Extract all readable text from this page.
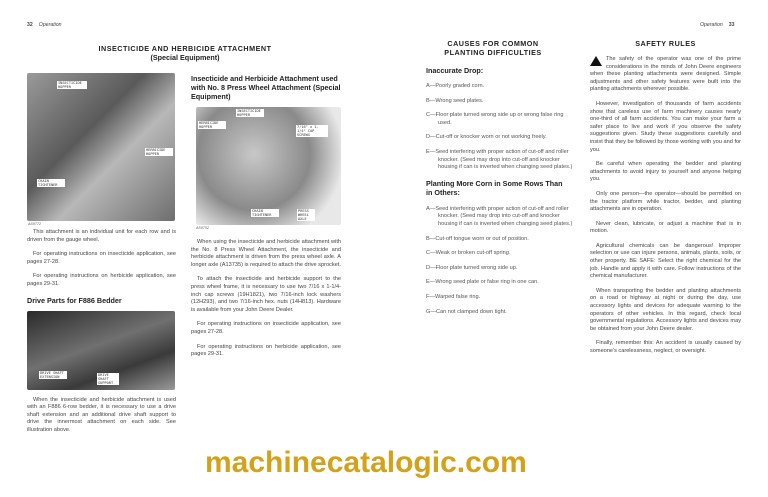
32 Operation
INSECTICIDE AND HERBICIDE ATTACHMENT
(Special Equipment)
INSECTICIDE HOPPER
HERBICIDE HOPPER
CHAIN TIGHTENER
A59772
This attachment is an individual unit for each row and is driven from the gauge wheel.
For operating instructions on insecticide application, see pages 27-28.
For operating instructions on herbicide application, see pages 29-31.
Drive Parts for F886 Bedder
DRIVE SHAFT EXTENSION	DRIVE SHAFT SUPPORT
When the insecticide and herbicide attachment is used with an F886 6-row bedder, it is necessary to use a drive shaft extension and an additional drive shaft support to drive the innermost attachment on each side. See illustration above.
Insecticide and Herbicide Attachment used with No. 8 Press Wheel Attachment (Special Equipment)
INSECTICIDE HOPPER
HERBICIDE HOPPER	7/16" x 1-1/4" CAP SCREWS
CHAIN TIGHTENER
PRESS WHEEL AXLE
A59752
When using the insecticide and herbicide attachment with the No. 8 Press Wheel Attachment, the insecticide and herbicide attachment is driven from the press wheel axle. A longer axle (A13735) is required to attach the drive sprocket.
To attach the insecticide and herbicide support to the press wheel frame, it is necessary to use two 7/16 x 1-1/4-inch cap screws (19H1821), two 7/16-inch lock washers (12H293), and two 7/16-inch hex. nuts (14H813). Hardware is available from your John Deere Dealer.
For operating instructions on insecticide application, see pages 27-28.
For operating instructions on herbicide application, see pages 29-31.
Operation 33
CAUSES FOR COMMON PLANTING DIFFICULTIES
Inaccurate Drop:
A—Poorly graded corn.
B—Wrong seed plates.
C—Floor plate turned wrong side up or wrong false ring used.
D—Cut-off or knocker worn or not working freely.
E—Seed interfering with proper action of cut-off and roller knocker. (Seed may drop into cut-off and knocker housing if can is inverted when changing seed plates.)
Planting More Corn in Some Rows Than in Others:
A—Seed interfering with proper action of cut-off and roller knocker. (Seed may drop into cut-off and knocker housing if can is inverted when changing seed plates.)
B—Cut-off tongue worn or out of position.
C—Weak or broken cut-off spring.
D—Floor plate turned wrong side up.
E—Wrong seed plate or false ring in one can.
F—Warped false ring.
G—Can not clamped down tight.
SAFETY RULES
The safety of the operator was one of the prime considerations in the minds of John Deere engineers when these planting attachments were designed. Simple adjustments and other safety features were built into the planting attachments wherever possible.
However, investigation of thousands of farm accidents show that careless use of farm machinery causes nearly one-third of all farm accidents. You can make your farm a safer place to live and work if you observe the safety suggestions given. Study these suggestions carefully and insist that they be followed by those working with you and for you.
Be careful when operating the bedder and planting attachments to avoid injury to yourself and anyone helping you.
Only one person—the operator—should be permitted on the tractor platform while tractor, bedder, and planting attachments are in operation.
Never clean, lubricate, or adjust a machine that is in motion.
Agricultural chemicals can be dangerous! Improper selection or use can injure persons, animals, plants, soils, or other property. BE SAFE: Select the right chemical for the job. Handle and apply it with care. Follow instructions of the chemical manufacturer.
When transporting the bedder and planting attachments on a road or highway at night or during the day, use accessory lights and devices for adequate warning to the operators of other vehicles. In this regard, check local governmental regulations. Accessory lights and devices may be obtained from your John Deere dealer.
Finally, remember this: An accident is usually caused by someone's carelessness, neglect, or oversight.
machinecatalogic.com
